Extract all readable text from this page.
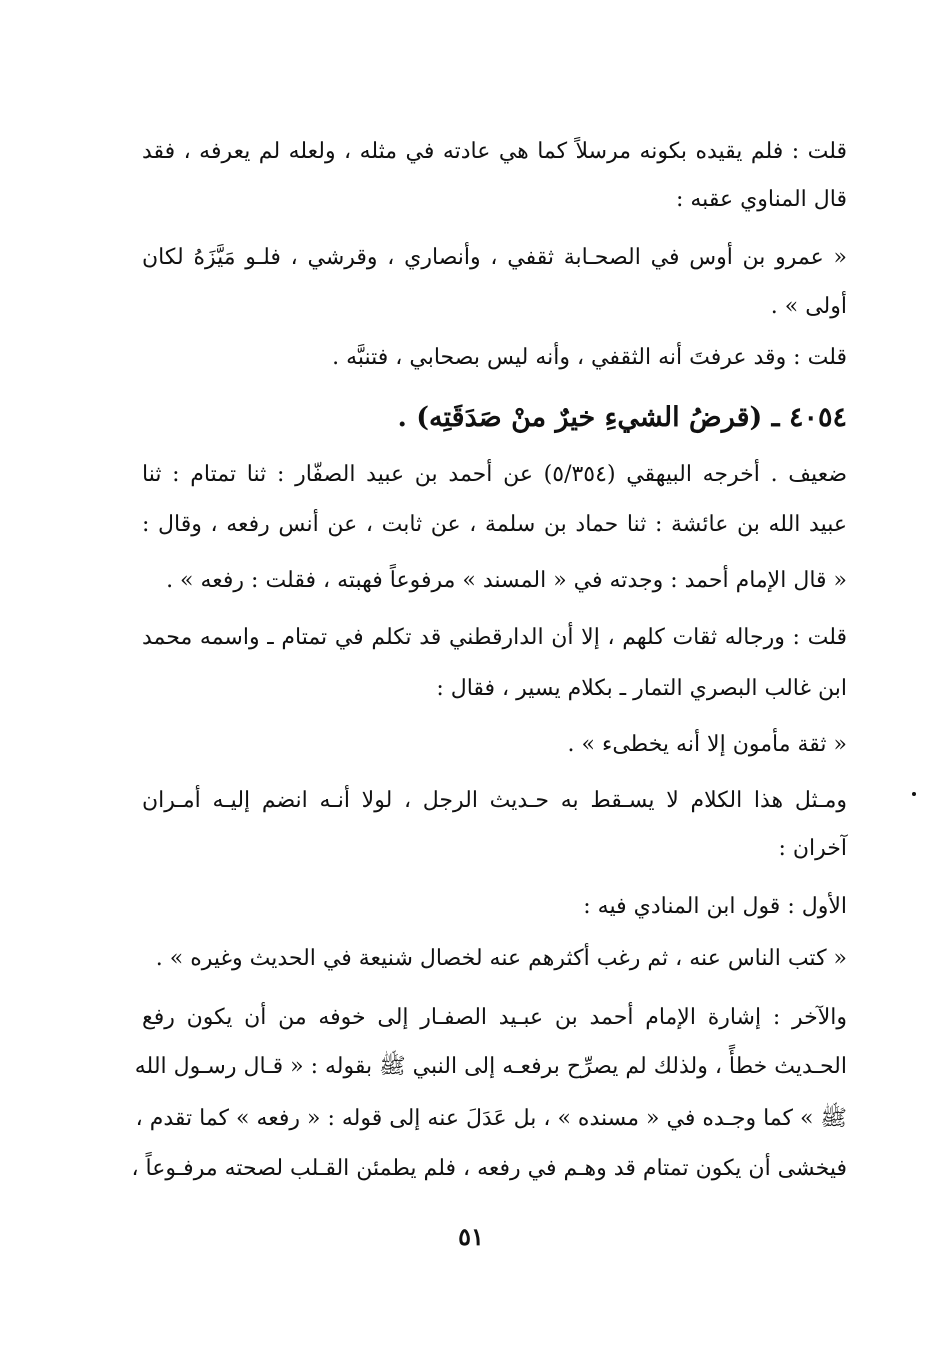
قلت : فلم يقيده بكونه مرسلاً كما هي عادته في مثله ، ولعله لم يعرفه ، فقد
قال المناوي عقبه :
« عمرو بن أوس في الصحـابة ثقفي ، وأنصاري ، وقرشي ، فلـو مَيَّزَهُ لكان
أولى » .
قلت : وقد عرفتَ أنه الثقفي ، وأنه ليس بصحابي ، فتنبَّه .
٤٠٥٤ ـ (قرضُ الشيءِ خيرٌ منْ صَدَقَتِه) .
ضعيف . أخرجه البيهقي (٥/٣٥٤) عن أحمد بن عبيد الصفّار : ثنا تمتام : ثنا
عبيد الله بن عائشة : ثنا حماد بن سلمة ، عن ثابت ، عن أنس رفعه ، وقال :
« قال الإمام أحمد : وجدته في « المسند » مرفوعاً فهبته ، فقلت : رفعه » .
قلت : ورجاله ثقات كلهم ، إلا أن الدارقطني قد تكلم في تمتام ـ واسمه محمد
ابن غالب البصري التمار ـ بكلام يسير ، فقال :
« ثقة مأمون إلا أنه يخطىء » .
ومـثل هذا الكلام لا يسـقط به حـديث الرجل ، لولا أنـه انضم إليـه أمـران
آخران :
الأول : قول ابن المنادي فيه :
« كتب الناس عنه ، ثم رغب أكثرهم عنه لخصال شنيعة في الحديث وغيره » .
والآخر : إشارة الإمام أحمد بن عبـيد الصفـار إلى خوفه من أن يكون رفع
الحـديث خطأً ، ولذلك لم يصرِّح برفعـه إلى النبي ﷺ بقوله : « قـال رسـول الله
ﷺ » كما وجـده في « مسنده » ، بل عَدَلَ عنه إلى قوله : « رفعه » كما تقدم ،
فيخشى أن يكون تمتام قد وهـم في رفعه ، فلم يطمئن القـلب لصحته مرفـوعاً ،
٥١
